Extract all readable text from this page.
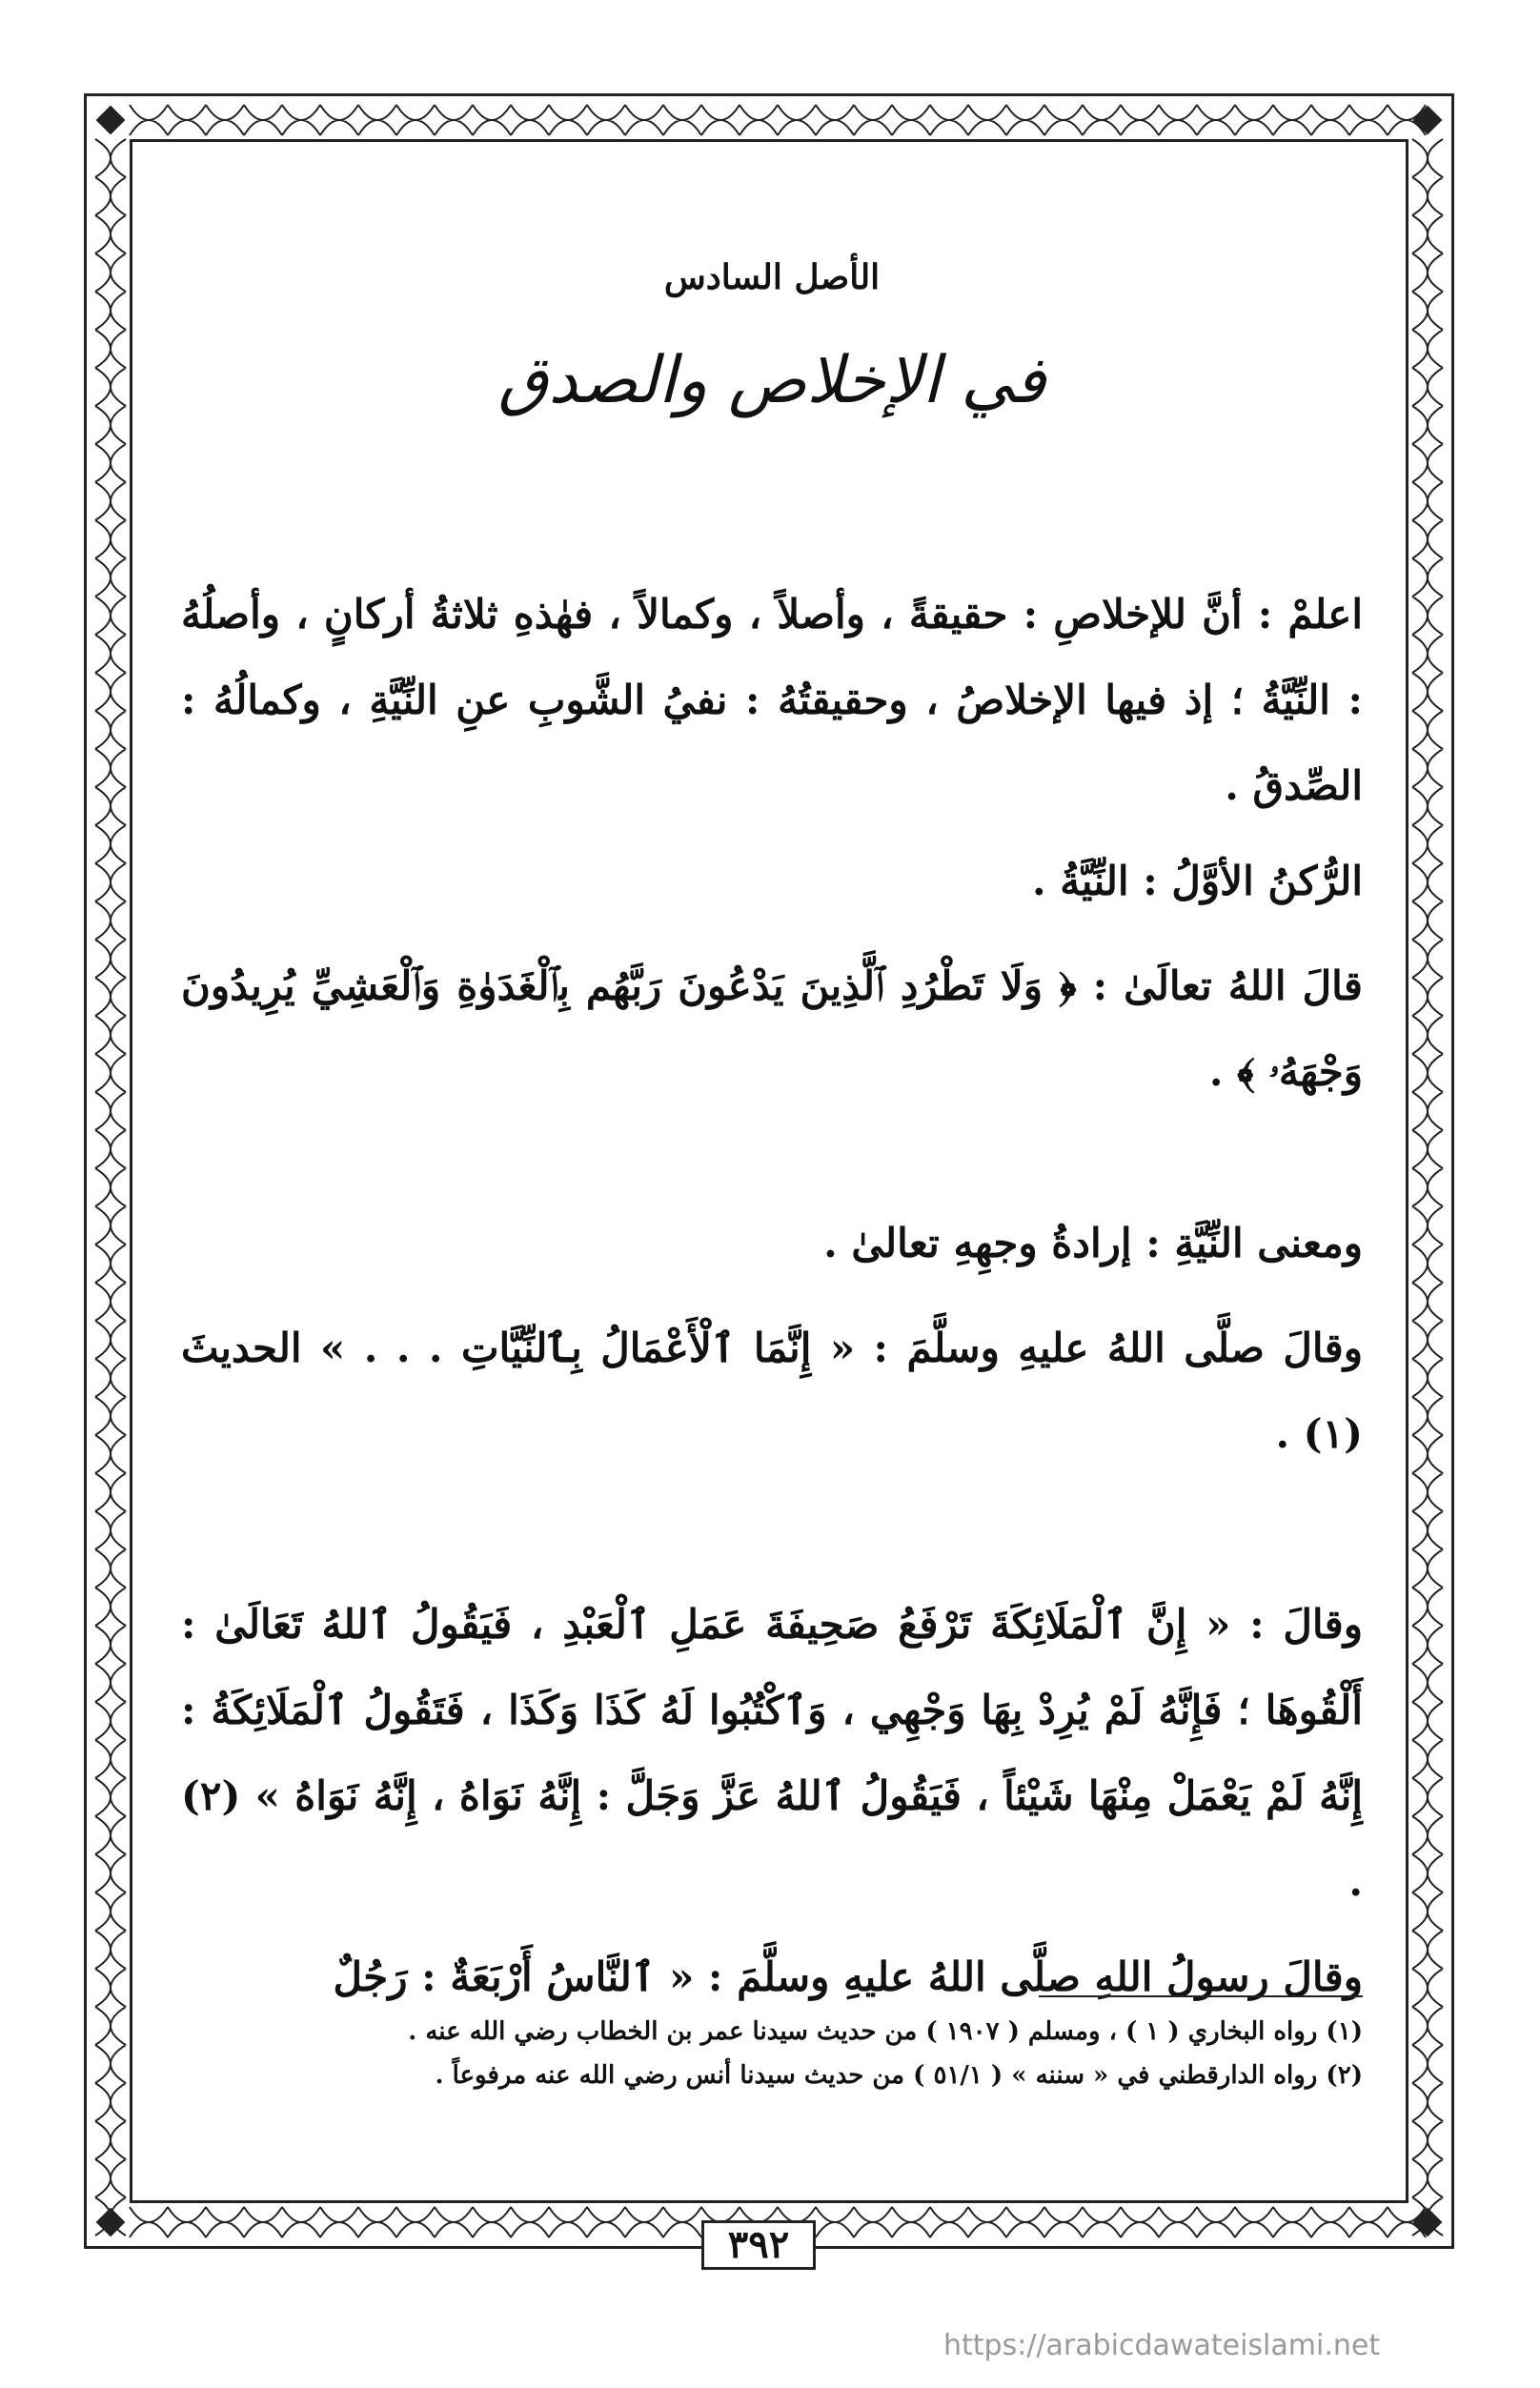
الأصل السادس
في الإخلاص والصدق
اعلمْ : أنَّ للإخلاصِ : حقيقةً ، وأصلاً ، وكمالاً ، فهٰذهِ ثلاثةُ أركانٍ ، وأصلُهُ : النِّيَّةُ ؛ إذ فيها الإخلاصُ ، وحقيقتُهُ : نفيُ الشَّوبِ عنِ النِّيَّةِ ، وكمالُهُ : الصِّدقُ .
الرُّكنُ الأوَّلُ : النِّيَّةُ .
قالَ اللهُ تعالَىٰ : ﴿ وَلَا تَطْرُدِ ٱلَّذِينَ يَدْعُونَ رَبَّهُم بِٱلْغَدَوٰةِ وَٱلْعَشِيِّ يُرِيدُونَ وَجْهَهُۥ ﴾ .
ومعنى النِّيَّةِ : إرادةُ وجهِهِ تعالىٰ .
وقالَ صلَّى اللهُ عليهِ وسلَّمَ : « إِنَّمَا ٱلْأَعْمَالُ بِٱلنِّيَّاتِ . . . » الحديثَ (١) .
وقالَ : « إِنَّ ٱلْمَلَائِكَةَ تَرْفَعُ صَحِيفَةَ عَمَلِ ٱلْعَبْدِ ، فَيَقُولُ ٱللهُ تَعَالَىٰ : أَلْقُوهَا ؛ فَإِنَّهُ لَمْ يُرِدْ بِهَا وَجْهِي ، وَٱكْتُبُوا لَهُ كَذَا وَكَذَا ، فَتَقُولُ ٱلْمَلَائِكَةُ : إِنَّهُ لَمْ يَعْمَلْ مِنْهَا شَيْئاً ، فَيَقُولُ ٱللهُ عَزَّ وَجَلَّ : إِنَّهُ نَوَاهُ ، إِنَّهُ نَوَاهُ » (٢) .
وقالَ رسولُ اللهِ صلَّى اللهُ عليهِ وسلَّمَ : « ٱلنَّاسُ أَرْبَعَةٌ : رَجُلٌ
(١) رواه البخاري ( ١ ) ، ومسلم ( ١٩٠٧ ) من حديث سيدنا عمر بن الخطاب رضي الله عنه .
(٢) رواه الدارقطني في « سننه » ( ٥١/١ ) من حديث سيدنا أنس رضي الله عنه مرفوعاً .
٣٩٢
https://arabicdawateislami.net
